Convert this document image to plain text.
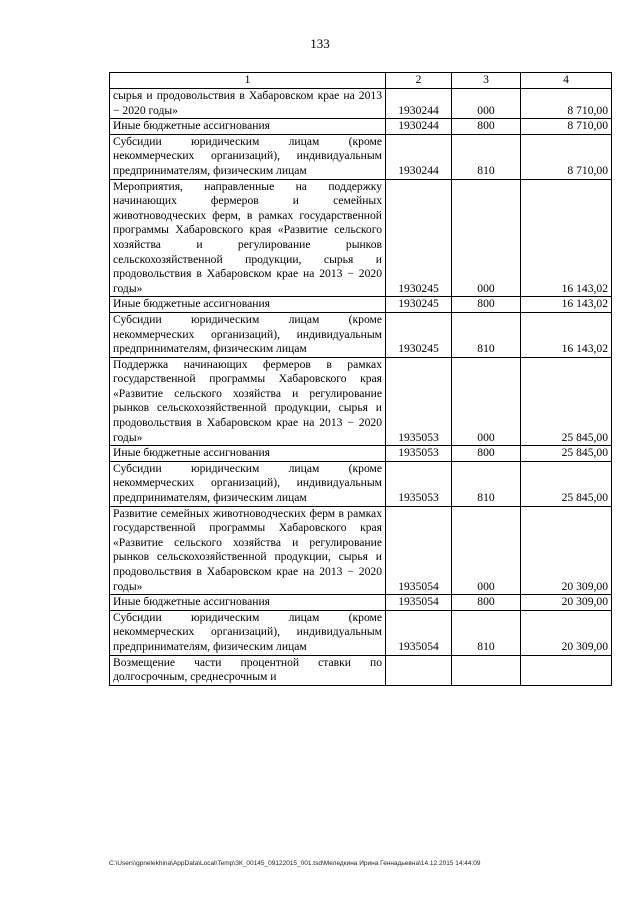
133
1	2	3	4
сырья и продовольствия в Хабаровском крае на 2013 − 2020 годы»	1930244	000	8 710,00
Иные бюджетные ассигнования	1930244	800	8 710,00
Субсидии юридическим лицам (кроме некоммерческих организаций), индивидуальным предпринимателям, физическим лицам	1930244	810	8 710,00
Мероприятия, направленные на поддержку начинающих фермеров и семейных животноводческих ферм, в рамках государственной программы Хабаровского края «Развитие сельского хозяйства и регулирование рынков сельскохозяйственной продукции, сырья и продовольствия в Хабаровском крае на 2013 − 2020 годы»	1930245	000	16 143,02
Иные бюджетные ассигнования	1930245	800	16 143,02
Субсидии юридическим лицам (кроме некоммерческих организаций), индивидуальным предпринимателям, физическим лицам	1930245	810	16 143,02
Поддержка начинающих фермеров в рамках государственной программы Хабаровского края «Развитие сельского хозяйства и регулирование рынков сельскохозяйственной продукции, сырья и продовольствия в Хабаровском крае на 2013 − 2020 годы»	1935053	000	25 845,00
Иные бюджетные ассигнования	1935053	800	25 845,00
Субсидии юридическим лицам (кроме некоммерческих организаций), индивидуальным предпринимателям, физическим лицам	1935053	810	25 845,00
Развитие семейных животноводческих ферм в рамках государственной программы Хабаровского края «Развитие сельского хозяйства и регулирование рынков сельскохозяйственной продукции, сырья и продовольствия в Хабаровском крае на 2013 − 2020 годы»	1935054	000	20 309,00
Иные бюджетные ассигнования	1935054	800	20 309,00
Субсидии юридическим лицам (кроме некоммерческих организаций), индивидуальным предпринимателям, физическим лицам	1935054	810	20 309,00
Возмещение части процентной ставки по долгосрочным, среднесрочным и			
C:\Users\gpnelekhina\AppData\Local\Temp\ЗК_00145_09122015_001.tsd\Меледкина Ирина Геннадьевна\14.12.2015 14:44:09
